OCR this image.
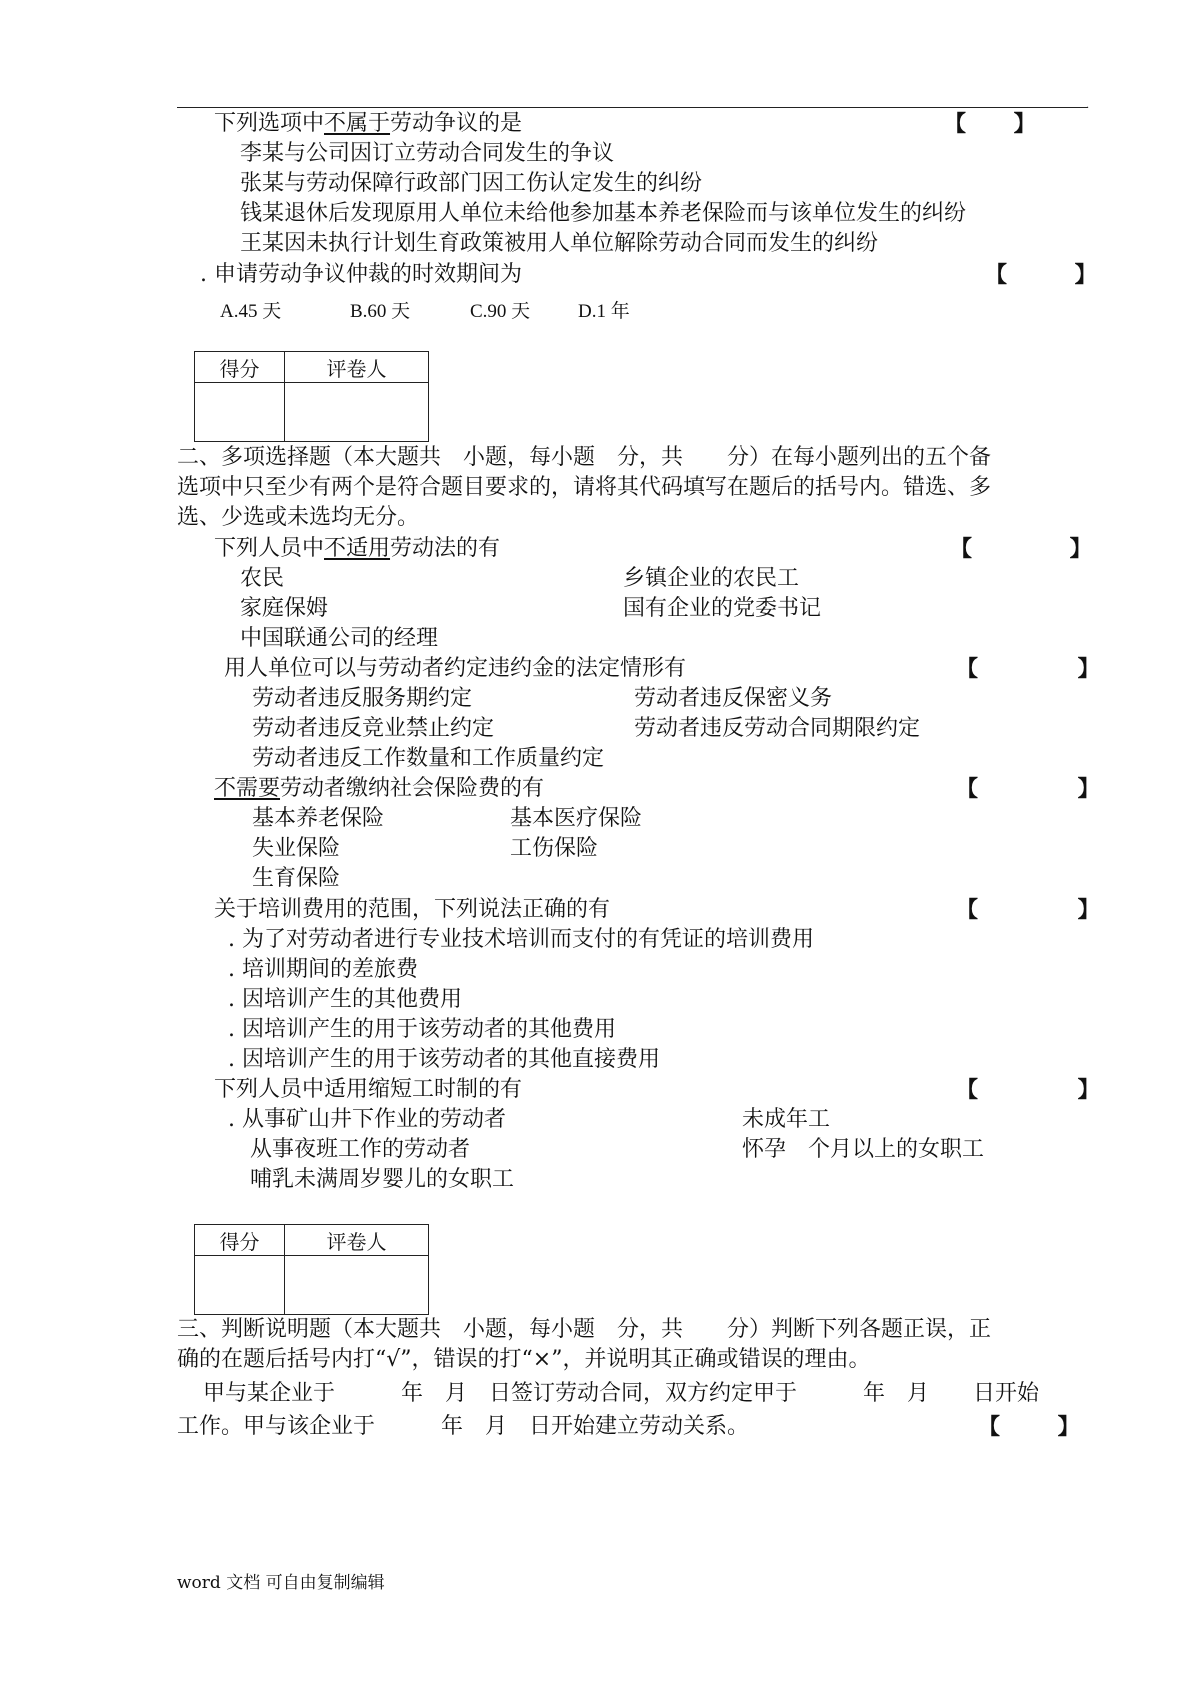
·
下列选项中不属于劳动争议的是	【 】
李某与公司因订立劳动合同发生的争议
张某与劳动保障行政部门因工伤认定发生的纠纷
钱某退休后发现原用人单位未给他参加基本养老保险而与该单位发生的纠纷
王某因未执行计划生育政策被用人单位解除劳动合同而发生的纠纷
. 申请劳动争议仲裁的时效期间为	【 】
A.45 天	B.60 天	C.90 天	D.1 年
得分	评卷人

二、多项选择题（本大题共　小题，每小题　分，共　　分）在每小题列出的五个备
选项中只至少有两个是符合题目要求的，请将其代码填写在题后的括号内。错选、多
选、少选或未选均无分。
下列人员中不适用劳动法的有	【 】
农民	乡镇企业的农民工
家庭保姆	国有企业的党委书记
中国联通公司的经理
用人单位可以与劳动者约定违约金的法定情形有	【 】
劳动者违反服务期约定	劳动者违反保密义务
劳动者违反竞业禁止约定	劳动者违反劳动合同期限约定
劳动者违反工作数量和工作质量约定
不需要劳动者缴纳社会保险费的有	【 】
基本养老保险	基本医疗保险
失业保险	工伤保险
生育保险
关于培训费用的范围，下列说法正确的有	【 】
. 为了对劳动者进行专业技术培训而支付的有凭证的培训费用
. 培训期间的差旅费
. 因培训产生的其他费用
. 因培训产生的用于该劳动者的其他费用
. 因培训产生的用于该劳动者的其他直接费用
下列人员中适用缩短工时制的有	【 】
. 从事矿山井下作业的劳动者	未成年工
从事夜班工作的劳动者	怀孕　个月以上的女职工
哺乳未满周岁婴儿的女职工
得分	评卷人

三、判断说明题（本大题共　小题，每小题　分，共　　分）判断下列各题正误，正
确的在题后括号内打“√”，错误的打“×”，并说明其正确或错误的理由。
甲与某企业于　　　年　月　日签订劳动合同，双方约定甲于　　　年　月　　日开始
工作。甲与该企业于　　　年　月　日开始建立劳动关系。	【 】
word 文档 可自由复制编辑
